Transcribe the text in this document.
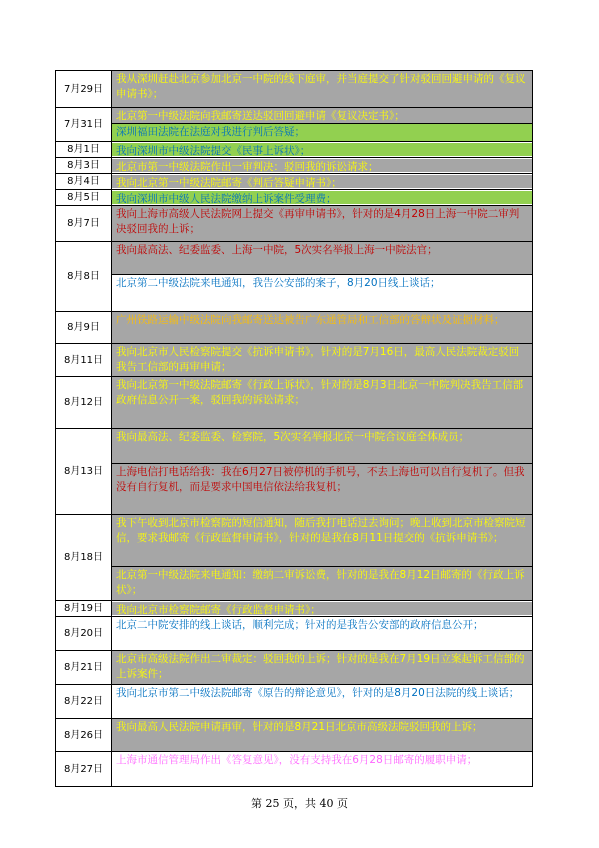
7月29日	我从深圳赶赴北京参加北京一中院的线下庭审，并当庭提交了针对驳回回避申请的《复议申请书》；

7月31日	北京第一中级法院向我邮寄送达驳回回避申请《复议决定书》；
深圳福田法院在法庭对我进行判后答疑；

8月1日	我向深圳市中级法院提交《民事上诉状》；

8月3日	北京市第一中级法院作出一审判决：驳回我的诉讼请求；

8月4日	我向北京第一中级法院邮寄《判后答疑申请书》；

8月5日	我向深圳市中级人民法院缴纳上诉案件受理费；

8月7日	我向上海市高级人民法院网上提交《再审申请书》，针对的是4月28日上海一中院二审判决驳回我的上诉；

8月8日	我向最高法、纪委监委、上海一中院，5次实名举报上海一中院法官；
北京第二中级法院来电通知，我告公安部的案子，8月20日线上谈话；

8月9日	广州铁路运输中级法院向我邮寄送达被告广东通管局和工信部的答辩状及证据材料；

8月11日	我向北京市人民检察院提交《抗诉申请书》，针对的是7月16日，最高人民法院裁定驳回我告工信部的再审申请；

8月12日	我向北京第一中级法院邮寄《行政上诉状》，针对的是8月3日北京一中院判决我告工信部政府信息公开一案，驳回我的诉讼请求；

8月13日	我向最高法、纪委监委、检察院，5次实名举报北京一中院合议庭全体成员；
上海电信打电话给我：我在6月27日被停机的手机号，不去上海也可以自行复机了。但我没有自行复机，而是要求中国电信依法给我复机；

8月18日	我下午收到北京市检察院的短信通知，随后我打电话过去询问；晚上收到北京市检察院短信，要求我邮寄《行政监督申请书》，针对的是我在8月11日提交的《抗诉申请书》；
北京第一中级法院来电通知：缴纳二审诉讼费，针对的是我在8月12日邮寄的《行政上诉状》；

8月19日	我向北京市检察院邮寄《行政监督申请书》；

8月20日	北京二中院安排的线上谈话，顺利完成；针对的是我告公安部的政府信息公开；

8月21日	北京市高级法院作出二审裁定：驳回我的上诉；针对的是我在7月19日立案起诉工信部的上诉案件；

8月22日	我向北京市第二中级法院邮寄《原告的辩论意见》，针对的是8月20日法院的线上谈话；

8月26日	我向最高人民法院申请再审，针对的是8月21日北京市高级法院驳回我的上诉；

8月27日	上海市通信管理局作出《答复意见》，没有支持我在6月28日邮寄的履职申请；
第 25 页，共 40 页
